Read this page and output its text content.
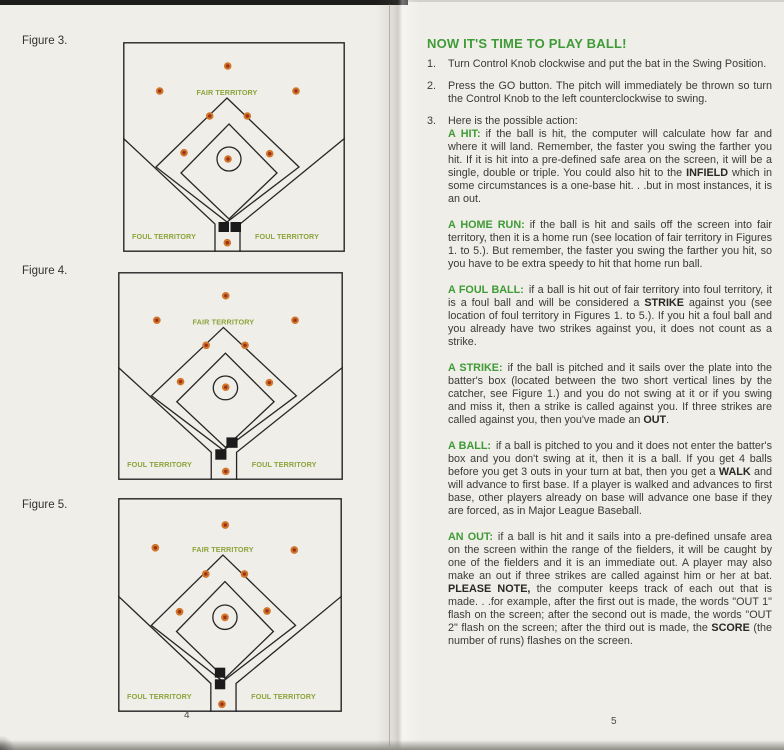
Figure 3.
FAIR TERRITORY
FOUL TERRITORY	FOUL TERRITORY
Figure 4.
FAIR TERRITORY
FOUL TERRITORY	FOUL TERRITORY
Figure 5.
FAIR TERRITORY
FOUL TERRITORY	FOUL TERRITORY
4
5
NOW IT'S TIME TO PLAY BALL!
1.	Turn Control Knob clockwise and put the bat in the Swing Position.
2.	Press the GO button. The pitch will immediately be thrown so turn the Control Knob to the left counterclockwise to swing.
3.	Here is the possible action:

A HIT: if the ball is hit, the computer will calculate how far and where it will land. Remember, the faster you swing the farther you hit. If it is hit into a pre-defined safe area on the screen, it will be a single, double or triple. You could also hit to the INFIELD which in some circumstances is a one-base hit. . .but in most instances, it is an out.

A HOME RUN: if the ball is hit and sails off the screen into fair territory, then it is a home run (see location of fair territory in Figures 1. to 5.). But remember, the faster you swing the farther you hit, so you have to be extra speedy to hit that home run ball.

A FOUL BALL: if a ball is hit out of fair territory into foul territory, it is a foul ball and will be considered a STRIKE against you (see location of foul territory in Figures 1. to 5.). If you hit a foul ball and you already have two strikes against you, it does not count as a strike.

A STRIKE: if the ball is pitched and it sails over the plate into the batter's box (located between the two short vertical lines by the catcher, see Figure 1.) and you do not swing at it or if you swing and miss it, then a strike is called against you. If three strikes are called against you, then you've made an OUT.

A BALL: if a ball is pitched to you and it does not enter the batter's box and you don't swing at it, then it is a ball. If you get 4 balls before you get 3 outs in your turn at bat, then you get a WALK and will advance to first base. If a player is walked and advances to first base, other players already on base will advance one base if they are forced, as in Major League Baseball.

AN OUT: if a ball is hit and it sails into a pre-defined unsafe area on the screen within the range of the fielders, it will be caught by one of the fielders and it is an immediate out. A player may also make an out if three strikes are called against him or her at bat. PLEASE NOTE, the computer keeps track of each out that is made. . .for example, after the first out is made, the words "OUT 1" flash on the screen; after the second out is made, the words "OUT 2" flash on the screen; after the third out is made, the SCORE (the number of runs) flashes on the screen.
